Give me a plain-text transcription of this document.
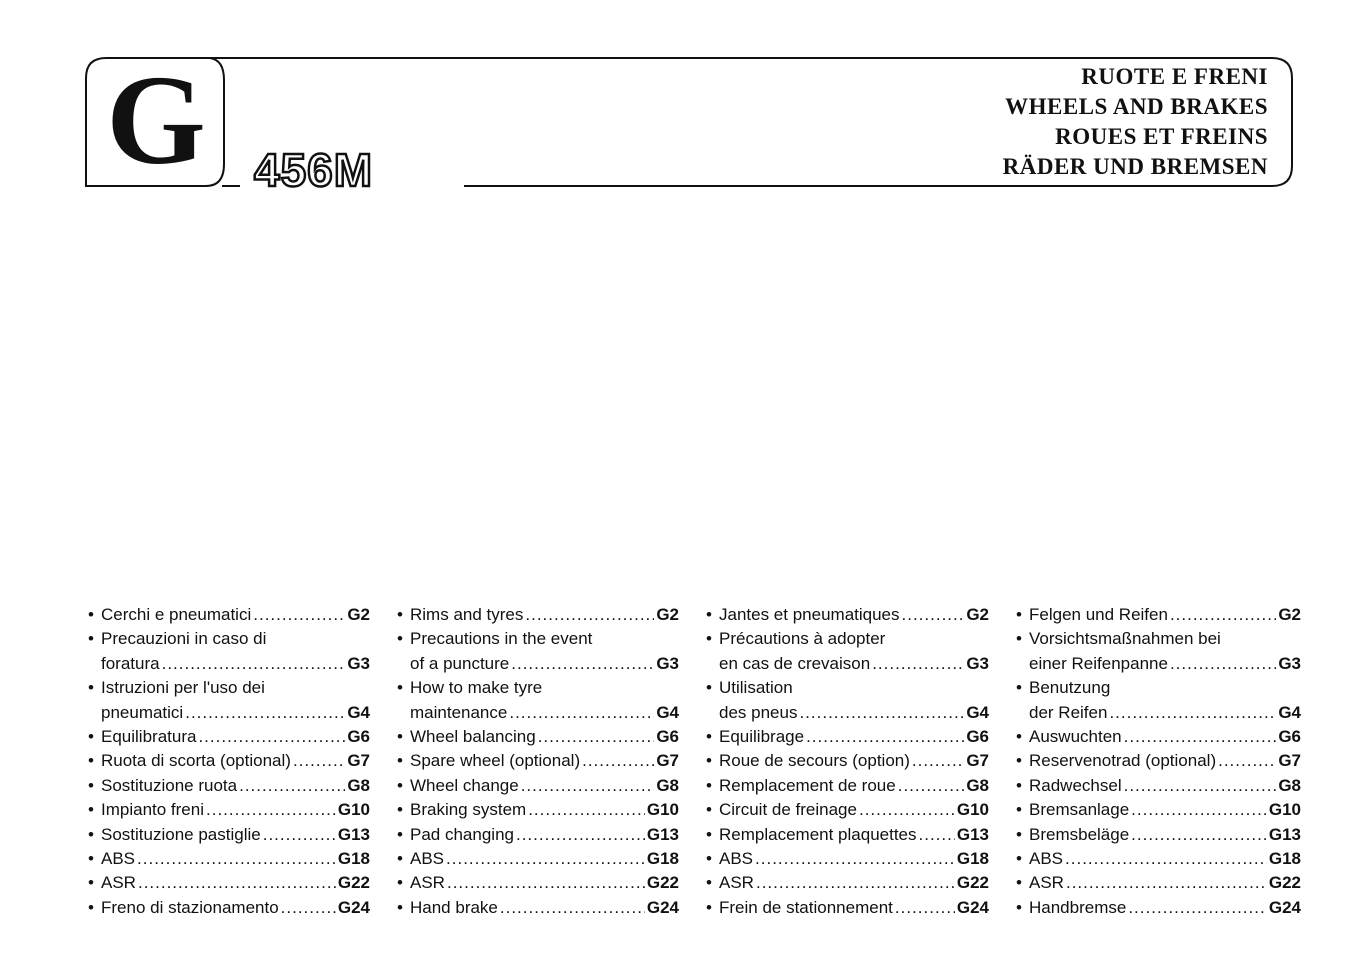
G 456M
RUOTE E FRENI
WHEELS AND BRAKES
ROUES ET FREINS
RÄDER UND BREMSEN
• Cerchi e pneumatici .....	G2
• Precauzioni in caso di
foratura .....	G3
• Istruzioni per l'uso dei
pneumatici .....	G4
• Equilibratura .....	G6
• Ruota di scorta (optional) .....	G7
• Sostituzione ruota .....	G8
• Impianto freni .....	G10
• Sostituzione pastiglie .....	G13
• ABS .....	G18
• ASR .....	G22
• Freno di stazionamento .....	G24
• Rims and tyres .....	G2
• Precautions in the event
of a puncture .....	G3
• How to make tyre
maintenance .....	G4
• Wheel balancing .....	G6
• Spare wheel (optional) .....	G7
• Wheel change .....	G8
• Braking system .....	G10
• Pad changing .....	G13
• ABS .....	G18
• ASR .....	G22
• Hand brake .....	G24
• Jantes et pneumatiques .....	G2
• Précautions à adopter
en cas de crevaison .....	G3
• Utilisation
des pneus .....	G4
• Equilibrage .....	G6
• Roue de secours (option) .....	G7
• Remplacement de roue .....	G8
• Circuit de freinage .....	G10
• Remplacement plaquettes ..... G13
• ABS .....	G18
• ASR .....	G22
• Frein de stationnement .....	G24
• Felgen und Reifen .....	G2
• Vorsichtsmaßnahmen bei
einer Reifenpanne .....	G3
• Benutzung
der Reifen .....	G4
• Auswuchten .....	G6
• Reservenotrad (optional) .....	G7
• Radwechsel .....	G8
• Bremsanlage .....	G10
• Bremsbeläge .....	G13
• ABS .....	G18
• ASR .....	G22
• Handbremse .....	G24
